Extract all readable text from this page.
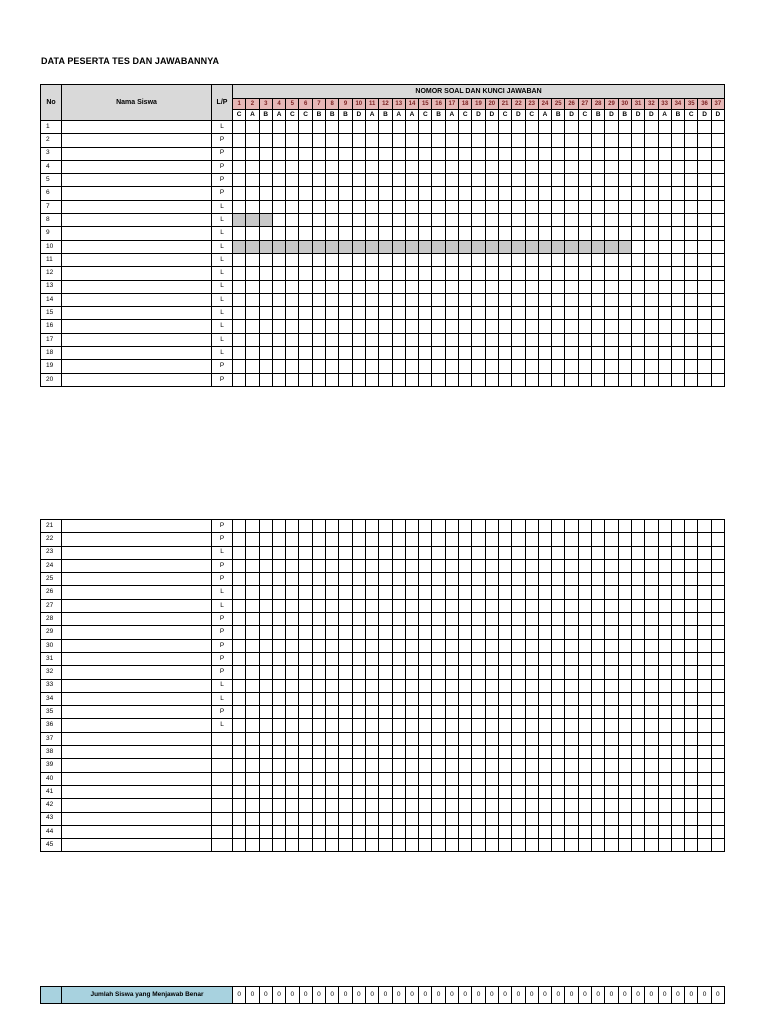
DATA PESERTA TES DAN JAWABANNYA
No	Nama Siswa	L/P	NOMOR SOAL DAN KUNCI JAWABAN																																				
			1	2	3	4	5	6	7	8	9	10	11	12	13	14	15	16	17	18	19	20	21	22	23	24	25	26	27	28	29	30	31	32	33	34	35	36	37
			C	A	B	A	C	C	B	B	B	D	A	B	A	A	C	B	A	C	D	D	C	D	C	A	B	D	C	B	D	B	D	D	A	B	C	D	D
1		L																																					
2		P																																					
3		P																																					
4		P																																					
5		P																																					
6		P																																					
7		L																																					
8		L																																					
9		L																																					
10		L																																					
11		L																																					
12		L																																					
13		L																																					
14		L																																					
15		L																																					
16		L																																					
17		L																																					
18		L																																					
19		P																																					
20		P																																					
21		P																																					
22		P																																					
23		L																																					
24		P																																					
25		P																																					
26		L																																					
27		L																																					
28		P																																					
29		P																																					
30		P																																					
31		P																																					
32		P																																					
33		L																																					
34		L																																					
35		P																																					
36		L																																					
37																																							
38																																							
39																																							
40																																							
41																																							
42																																							
43																																							
44																																							
45																																							
	Jumlah Siswa yang Menjawab Benar	0	0	0	0	0	0	0	0	0	0	0	0	0	0	0	0	0	0	0	0	0	0	0	0	0	0	0	0	0	0	0	0	0	0	0	0	0
